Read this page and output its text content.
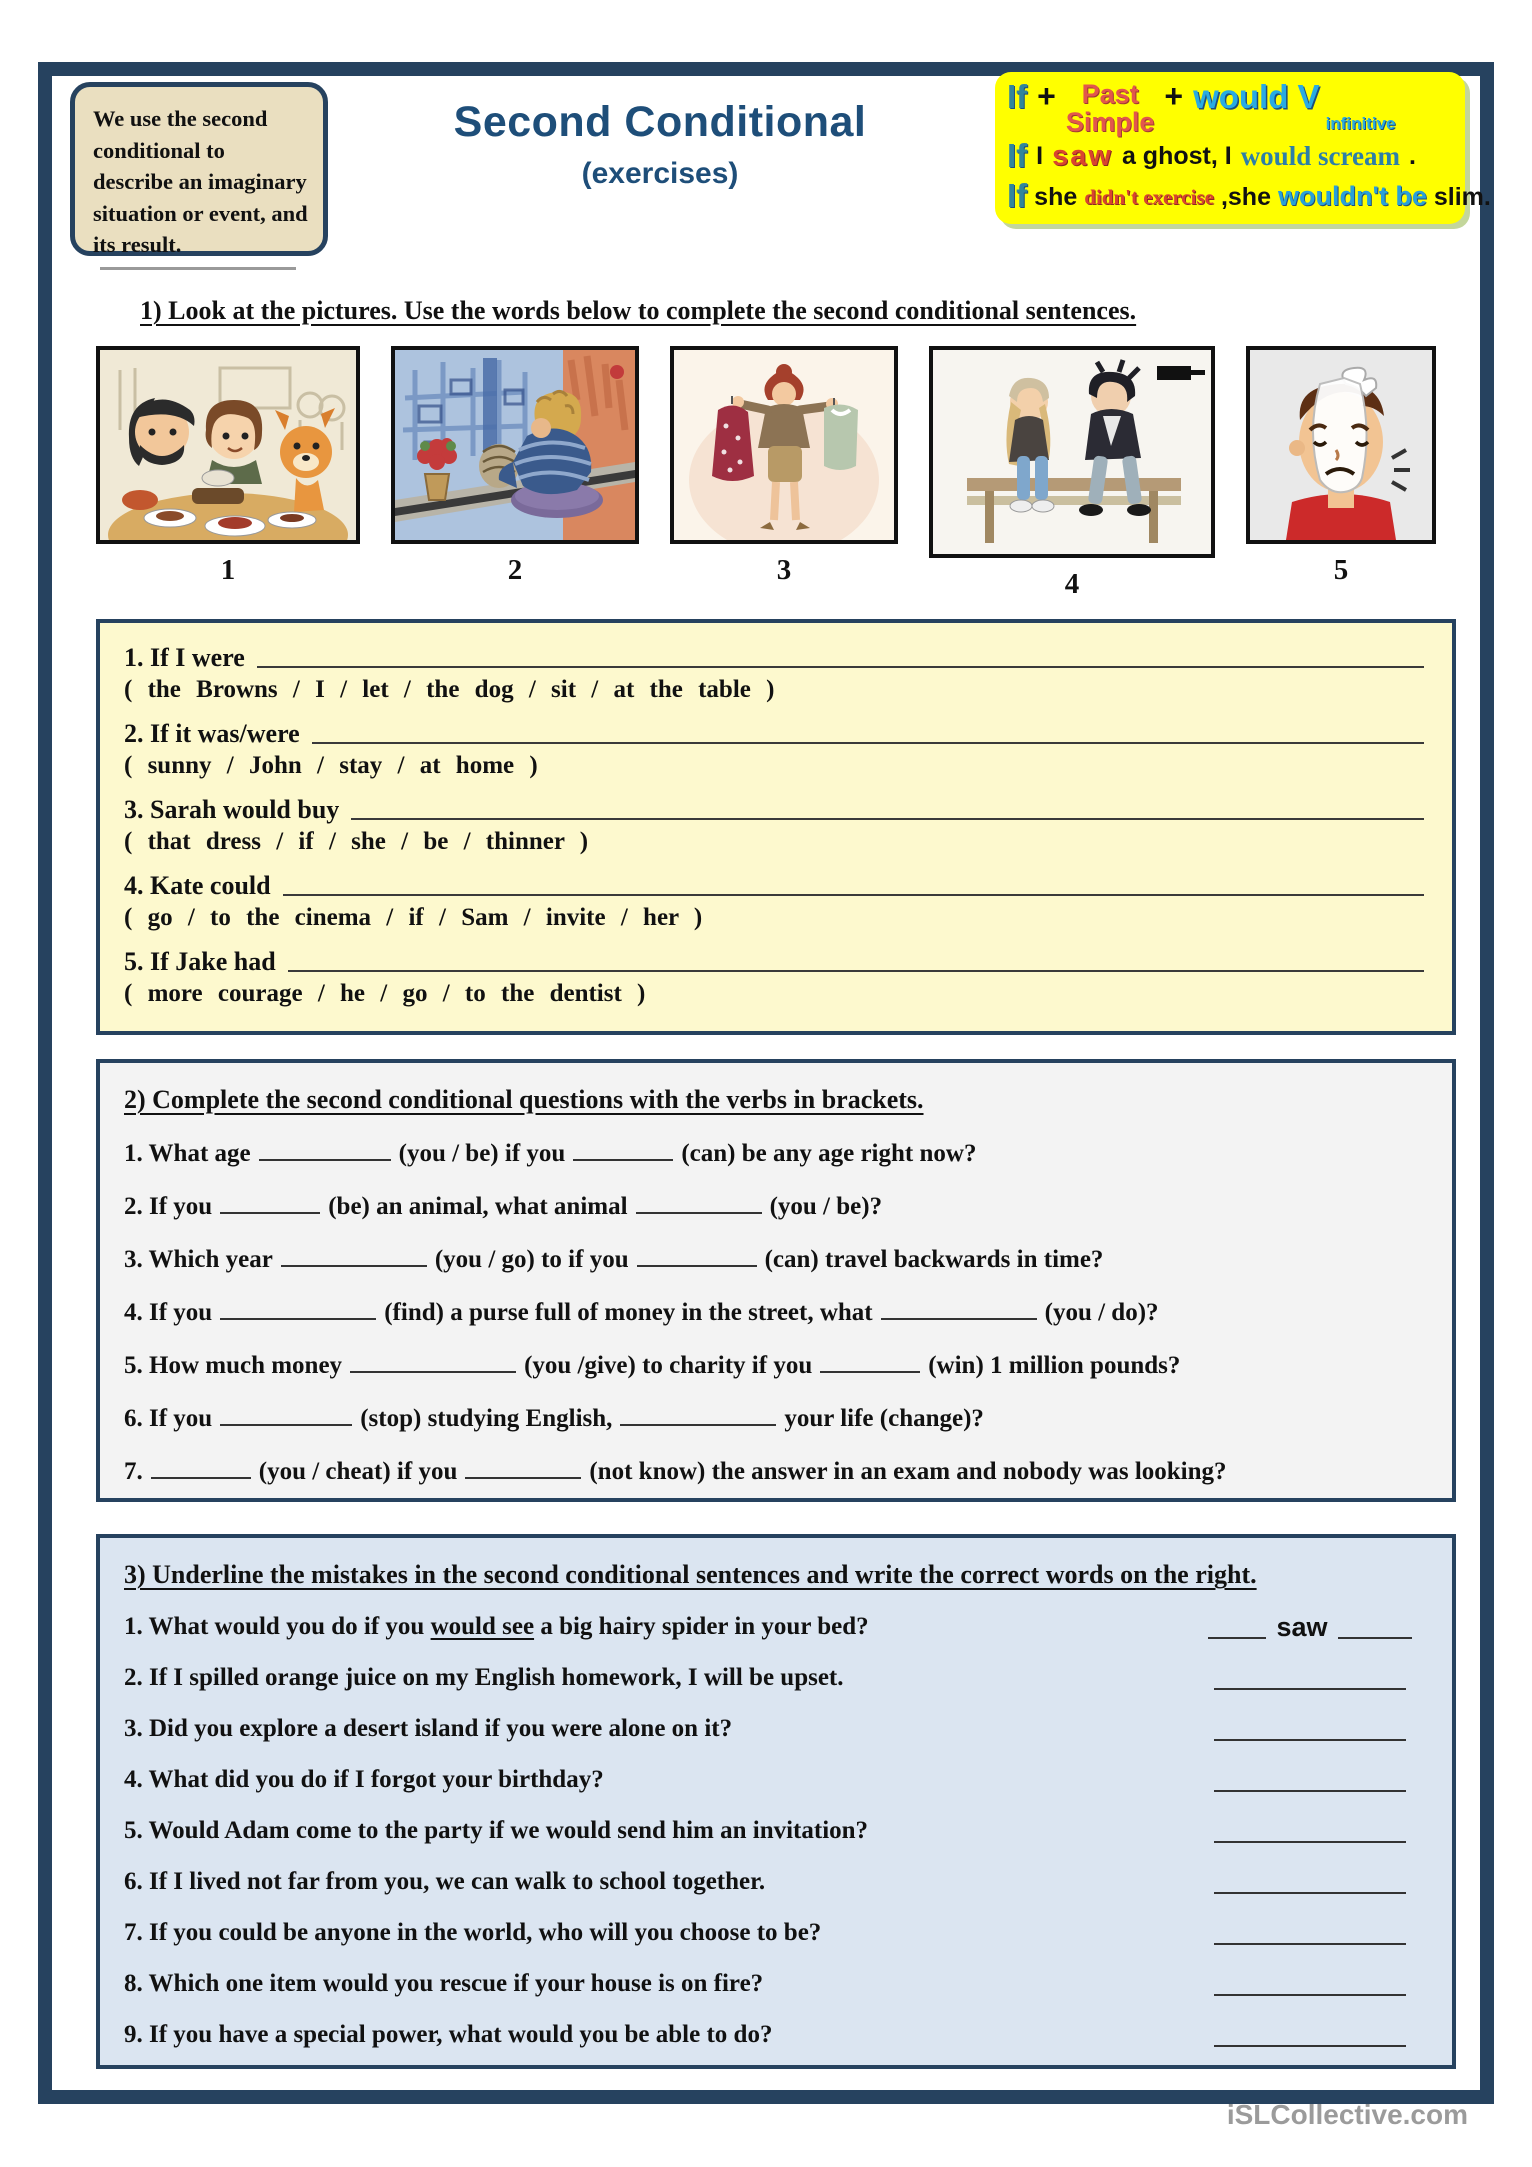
We use the second conditional to describe an imaginary situation or event, and its result.
Second Conditional
(exercises)
If + Past
Simple
+ would V
infinitive
If I saw a ghost, I would scream .
If she didn't exercise ,she wouldn't be slim.
1) Look at the pictures. Use the words below to complete the second conditional sentences.
1	2	3	4	5
1. If I were
( the Browns / I / let / the dog / sit / at the table )
2. If it was/were
( sunny / John / stay / at home )
3. Sarah would buy
( that dress / if / she / be / thinner )
4. Kate could
( go / to the cinema / if / Sam / invite / her )
5. If Jake had
( more courage / he / go / to the dentist )
2) Complete the second conditional questions with the verbs in brackets.
1. What age	(you / be) if you	(can) be any age right now?
2. If you	(be) an animal, what animal	(you / be)?
3. Which year	(you / go) to if you	(can) travel backwards in time?
4. If you	(find) a purse full of money in the street, what	(you / do)?
5. How much money	(you /give) to charity if you	(win) 1 million pounds?
6. If you	(stop) studying English,	your life (change)?
7.	(you / cheat) if you	(not know) the answer in an exam and nobody was looking?
3) Underline the mistakes in the second conditional sentences and write the correct words on the right.
1. What would you do if you would see a big hairy spider in your bed?	saw
2. If I spilled orange juice on my English homework, I will be upset.
3. Did you explore a desert island if you were alone on it?
4. What did you do if I forgot your birthday?
5. Would Adam come to the party if we would send him an invitation?
6. If I lived not far from you, we can walk to school together.
7. If you could be anyone in the world, who will you choose to be?
8. Which one item would you rescue if your house is on fire?
9. If you have a special power, what would you be able to do?
iSLCollective.com
